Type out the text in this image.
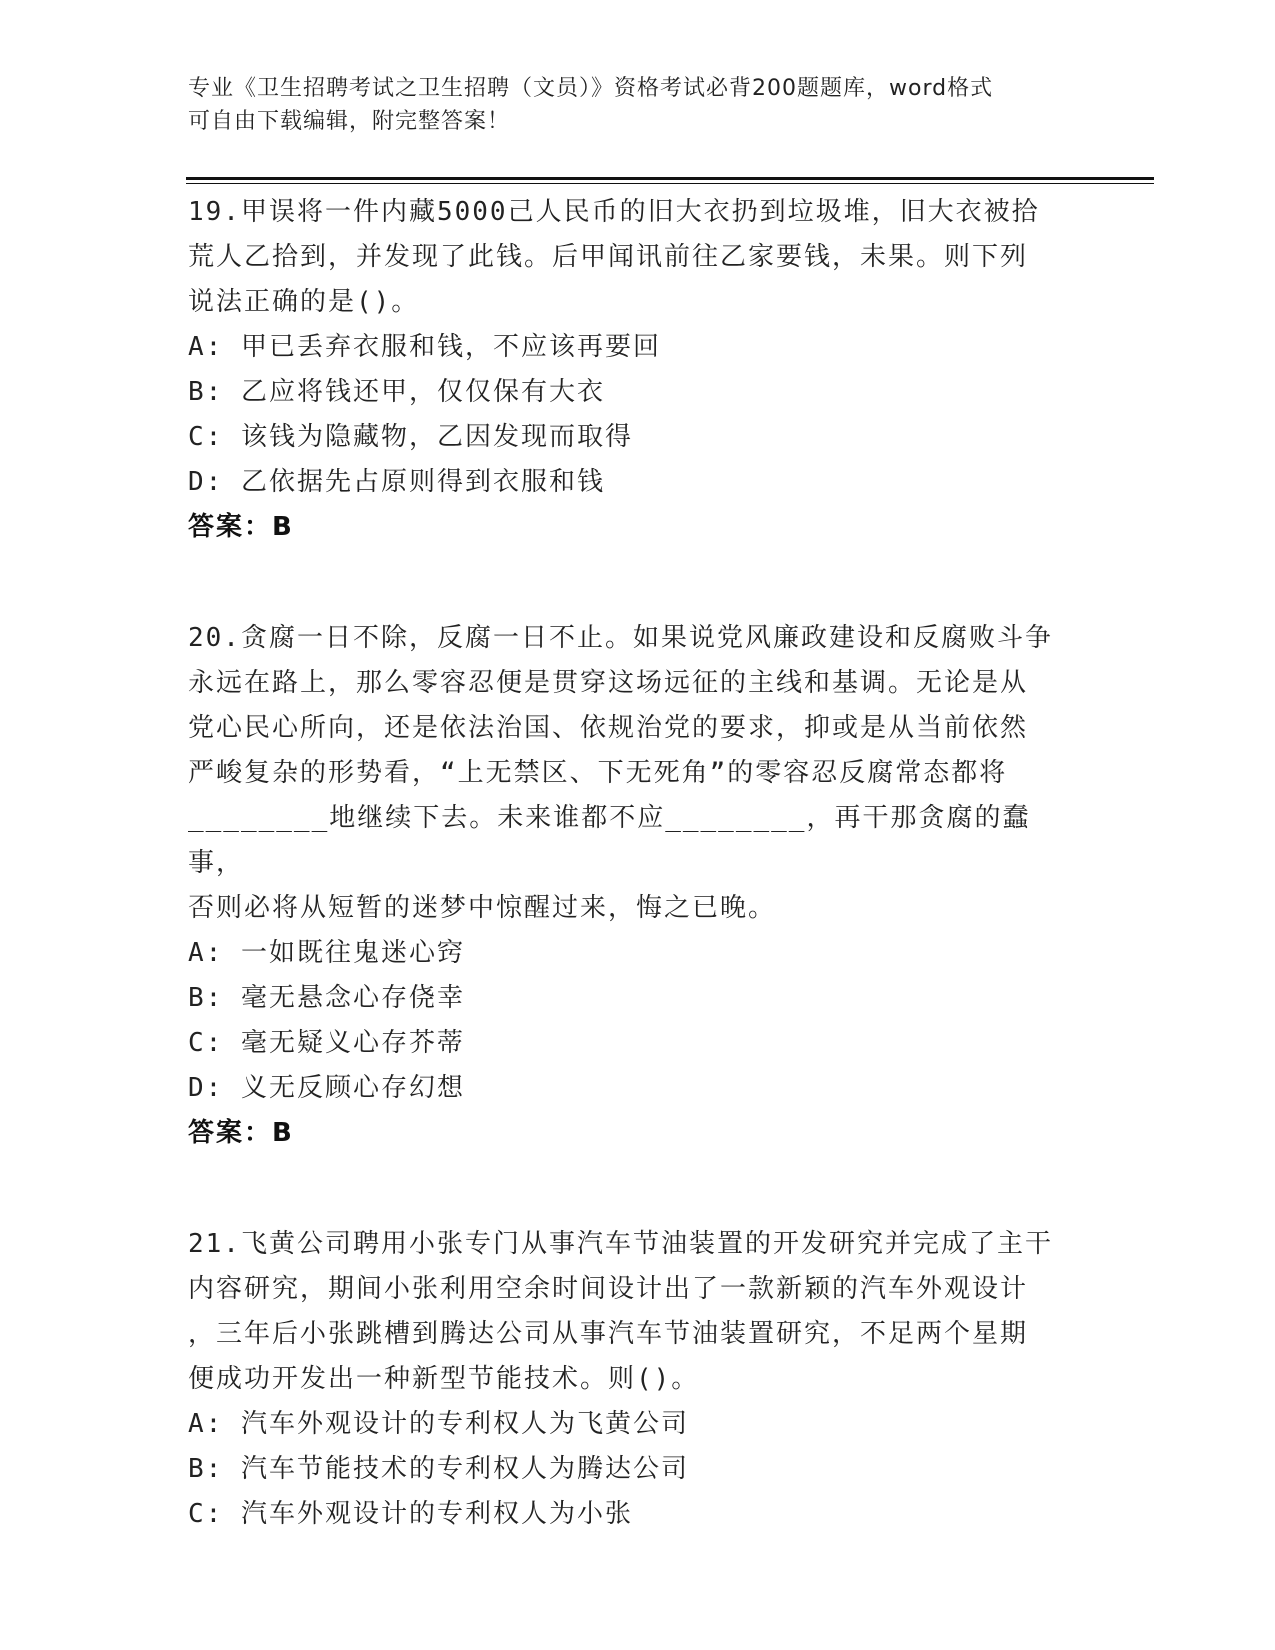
专业《卫生招聘考试之卫生招聘（文员）》资格考试必背200题题库，word格式
可自由下载编辑，附完整答案！

19.甲误将一件内藏5000己人民币的旧大衣扔到垃圾堆，旧大衣被拾

荒人乙拾到，并发现了此钱。后甲闻讯前往乙家要钱，未果。则下列

说法正确的是()。

A: 甲已丢弃衣服和钱，不应该再要回

B: 乙应将钱还甲，仅仅保有大衣

C: 该钱为隐藏物，乙因发现而取得

D: 乙依据先占原则得到衣服和钱

答案：B

20.贪腐一日不除，反腐一日不止。如果说党风廉政建设和反腐败斗争

永远在路上，那么零容忍便是贯穿这场远征的主线和基调。无论是从

党心民心所向，还是依法治国、依规治党的要求，抑或是从当前依然

严峻复杂的形势看，“上无禁区、下无死角”的零容忍反腐常态都将

________地继续下去。未来谁都不应________，再干那贪腐的蠢事，

否则必将从短暂的迷梦中惊醒过来，悔之已晚。

A: 一如既往鬼迷心窍

B: 毫无悬念心存侥幸

C: 毫无疑义心存芥蒂

D: 义无反顾心存幻想

答案：B

21.飞黄公司聘用小张专门从事汽车节油装置的开发研究并完成了主干

内容研究，期间小张利用空余时间设计出了一款新颖的汽车外观设计

，三年后小张跳槽到腾达公司从事汽车节油装置研究，不足两个星期

便成功开发出一种新型节能技术。则()。

A: 汽车外观设计的专利权人为飞黄公司

B: 汽车节能技术的专利权人为腾达公司

C: 汽车外观设计的专利权人为小张
